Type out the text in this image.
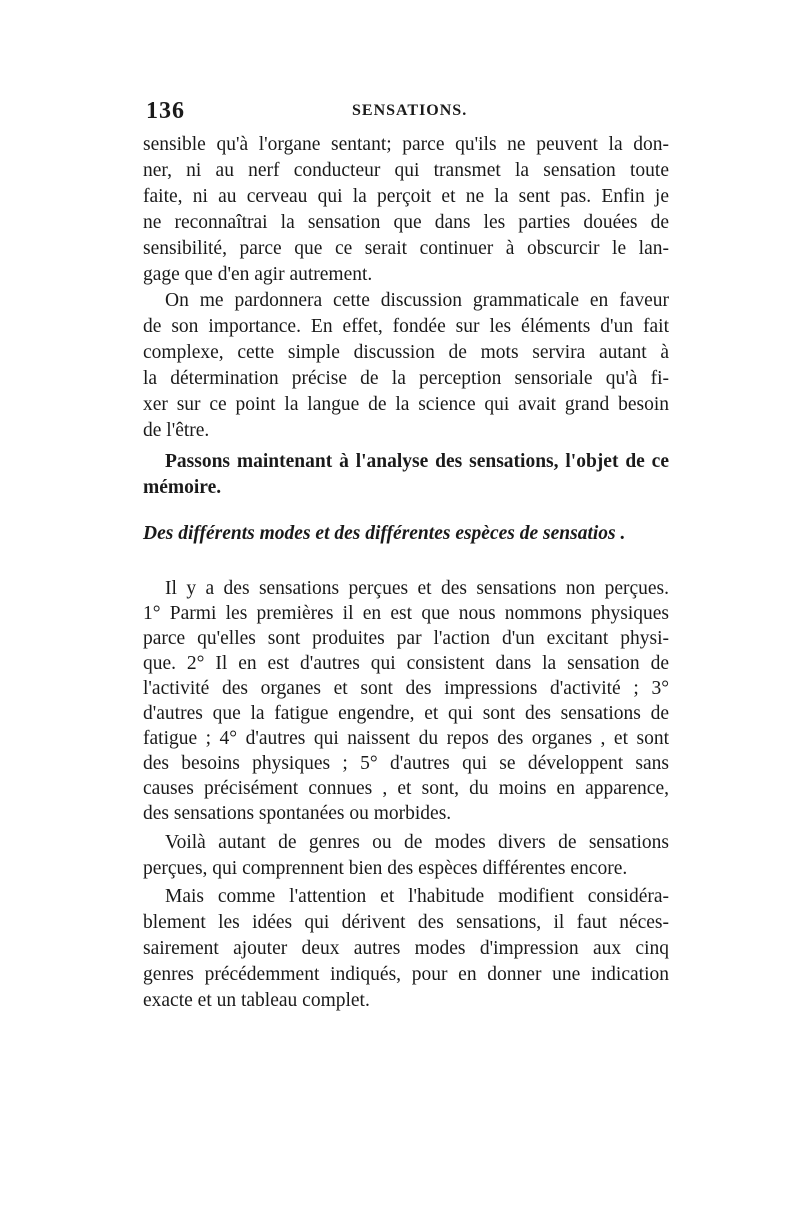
136	SENSATIONS.
sensible qu'à l'organe sentant; parce qu'ils ne peuvent la don-
ner, ni au nerf conducteur qui transmet la sensation toute
faite, ni au cerveau qui la perçoit et ne la sent pas. Enfin je
ne reconnaîtrai la sensation que dans les parties douées de
sensibilité, parce que ce serait continuer à obscurcir le lan-
gage que d'en agir autrement.
On me pardonnera cette discussion grammaticale en faveur
de son importance. En effet, fondée sur les éléments d'un fait
complexe, cette simple discussion de mots servira autant à
la détermination précise de la perception sensoriale qu'à fi-
xer sur ce point la langue de la science qui avait grand besoin
de l'être.
Passons maintenant à l'analyse des sensations, l'objet de ce
mémoire.
Des différents modes et des différentes espèces de sensatios .
Il y a des sensations perçues et des sensations non perçues.
1° Parmi les premières il en est que nous nommons physiques
parce qu'elles sont produites par l'action d'un excitant physi-
que. 2° Il en est d'autres qui consistent dans la sensation de
l'activité des organes et sont des impressions d'activité ; 3°
d'autres que la fatigue engendre, et qui sont des sensations de
fatigue ; 4° d'autres qui naissent du repos des organes , et sont
des besoins physiques ; 5° d'autres qui se développent sans
causes précisément connues , et sont, du moins en apparence,
des sensations spontanées ou morbides.
Voilà autant de genres ou de modes divers de sensations
perçues, qui comprennent bien des espèces différentes encore.
Mais comme l'attention et l'habitude modifient considéra-
blement les idées qui dérivent des sensations, il faut néces-
sairement ajouter deux autres modes d'impression aux cinq
genres précédemment indiqués, pour en donner une indication
exacte et un tableau complet.
